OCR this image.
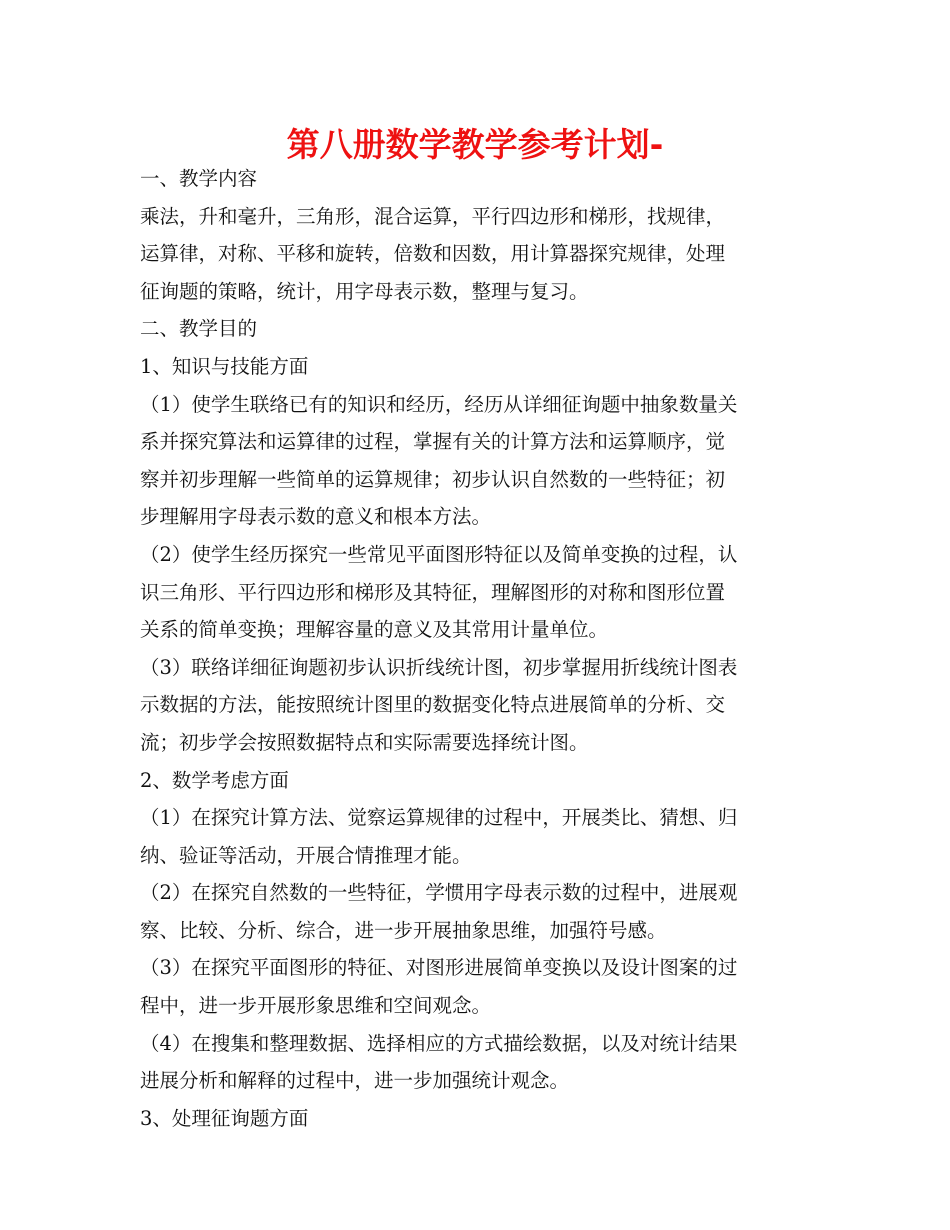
第八册数学教学参考计划-
一、教学内容
乘法，升和毫升，三角形，混合运算，平行四边形和梯形，找规律，
运算律，对称、平移和旋转，倍数和因数，用计算器探究规律，处理
征询题的策略，统计，用字母表示数，整理与复习。
二、教学目的
1、知识与技能方面
（1）使学生联络已有的知识和经历，经历从详细征询题中抽象数量关
系并探究算法和运算律的过程，掌握有关的计算方法和运算顺序，觉
察并初步理解一些简单的运算规律；初步认识自然数的一些特征；初
步理解用字母表示数的意义和根本方法。
（2）使学生经历探究一些常见平面图形特征以及简单变换的过程，认
识三角形、平行四边形和梯形及其特征，理解图形的对称和图形位置
关系的简单变换；理解容量的意义及其常用计量单位。
（3）联络详细征询题初步认识折线统计图，初步掌握用折线统计图表
示数据的方法，能按照统计图里的数据变化特点进展简单的分析、交
流；初步学会按照数据特点和实际需要选择统计图。
2、数学考虑方面
（1）在探究计算方法、觉察运算规律的过程中，开展类比、猜想、归
纳、验证等活动，开展合情推理才能。
（2）在探究自然数的一些特征，学惯用字母表示数的过程中，进展观
察、比较、分析、综合，进一步开展抽象思维，加强符号感。
（3）在探究平面图形的特征、对图形进展简单变换以及设计图案的过
程中，进一步开展形象思维和空间观念。
（4）在搜集和整理数据、选择相应的方式描绘数据，以及对统计结果
进展分析和解释的过程中，进一步加强统计观念。
3、处理征询题方面
